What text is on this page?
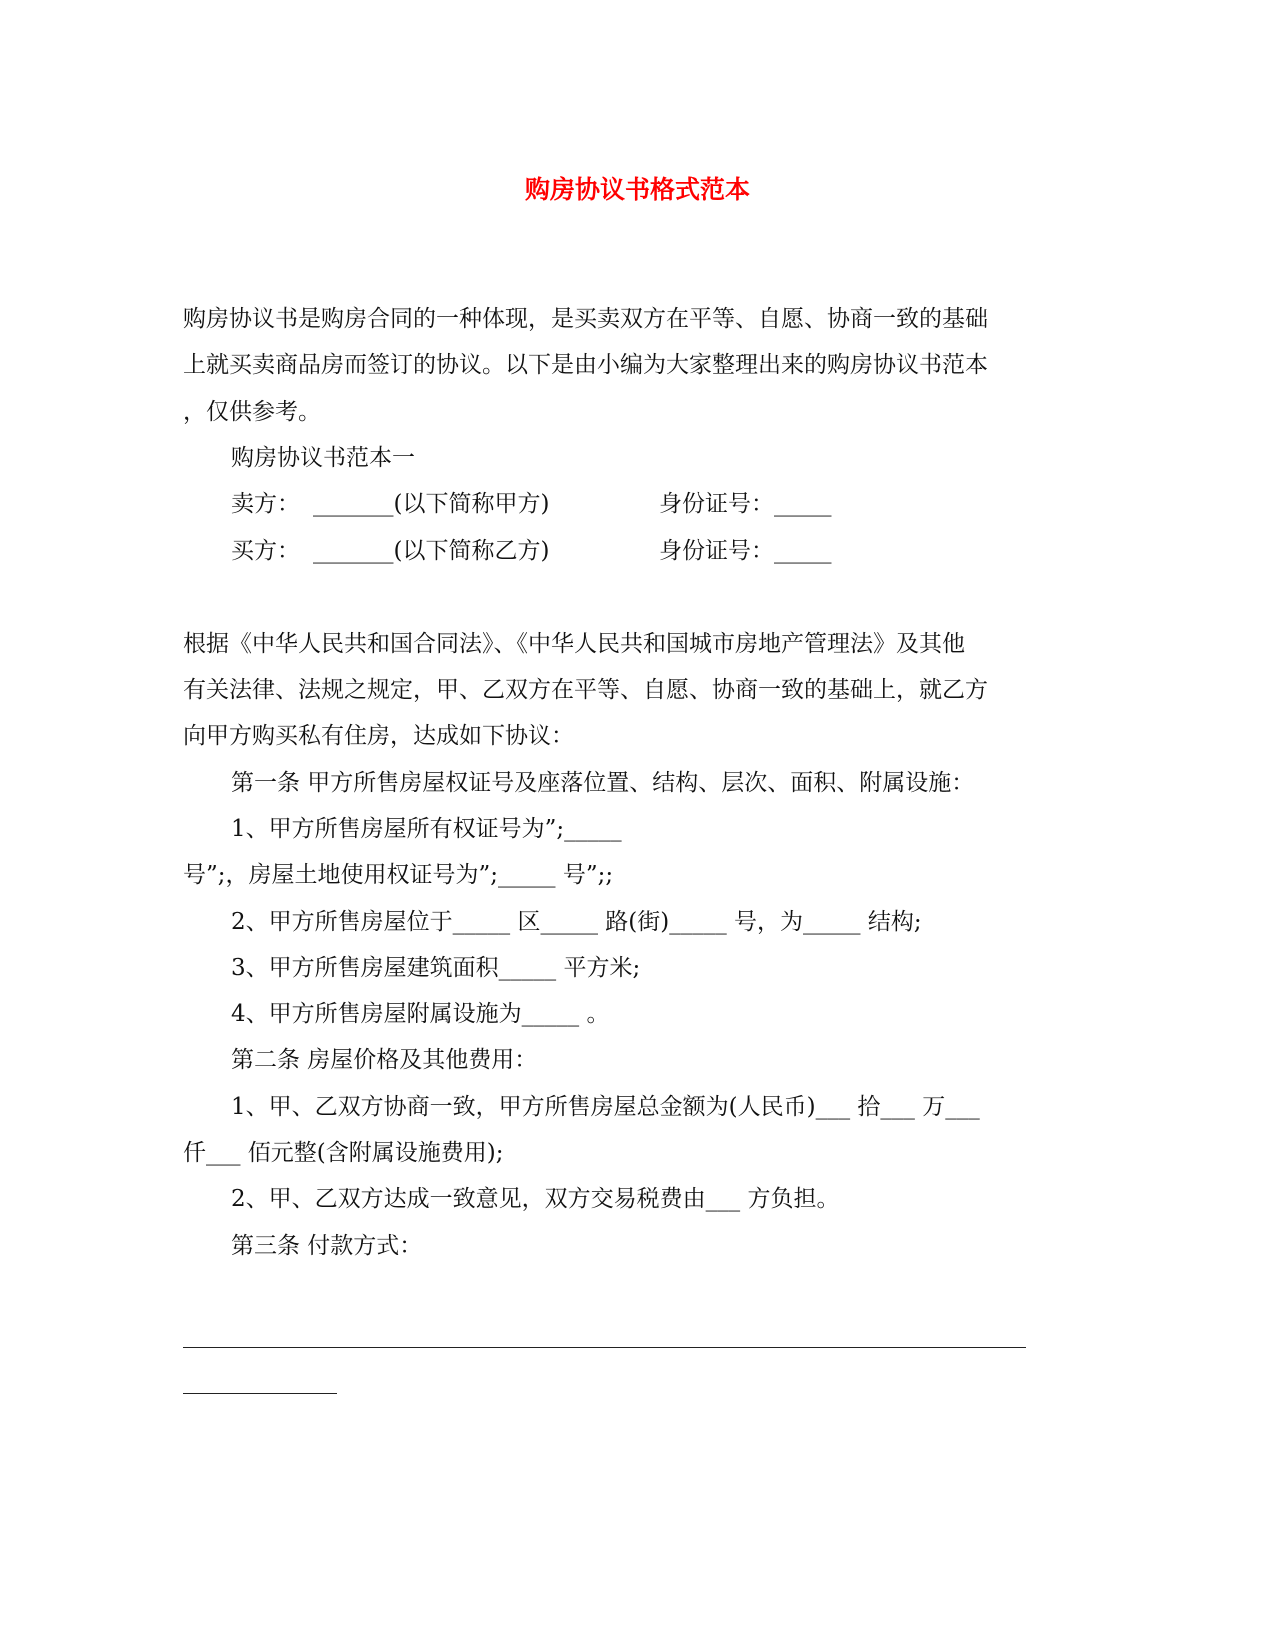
购房协议书格式范本
购房协议书是购房合同的一种体现，是买卖双方在平等、自愿、协商一致的基础
上就买卖商品房而签订的协议。以下是由小编为大家整理出来的购房协议书范本
，仅供参考。
购房协议书范本一
卖方： _______(以下简称甲方)	身份证号：_____
买方： _______(以下简称乙方)	身份证号：_____
根据《中华人民共和国合同法》、《中华人民共和国城市房地产管理法》及其他
有关法律、法规之规定，甲、乙双方在平等、自愿、协商一致的基础上，就乙方
向甲方购买私有住房，达成如下协议：
第一条 甲方所售房屋权证号及座落位置、结构、层次、面积、附属设施：
1、甲方所售房屋所有权证号为”;_____
号”;，房屋土地使用权证号为”;_____ 号”;;
2、甲方所售房屋位于_____ 区_____ 路(街)_____ 号，为_____ 结构;
3、甲方所售房屋建筑面积_____ 平方米;
4、甲方所售房屋附属设施为_____ 。
第二条 房屋价格及其他费用：
1、甲、乙双方协商一致，甲方所售房屋总金额为(人民币)___ 拾___ 万___
仟___ 佰元整(含附属设施费用);
2、甲、乙双方达成一致意见，双方交易税费由___ 方负担。
第三条 付款方式：
